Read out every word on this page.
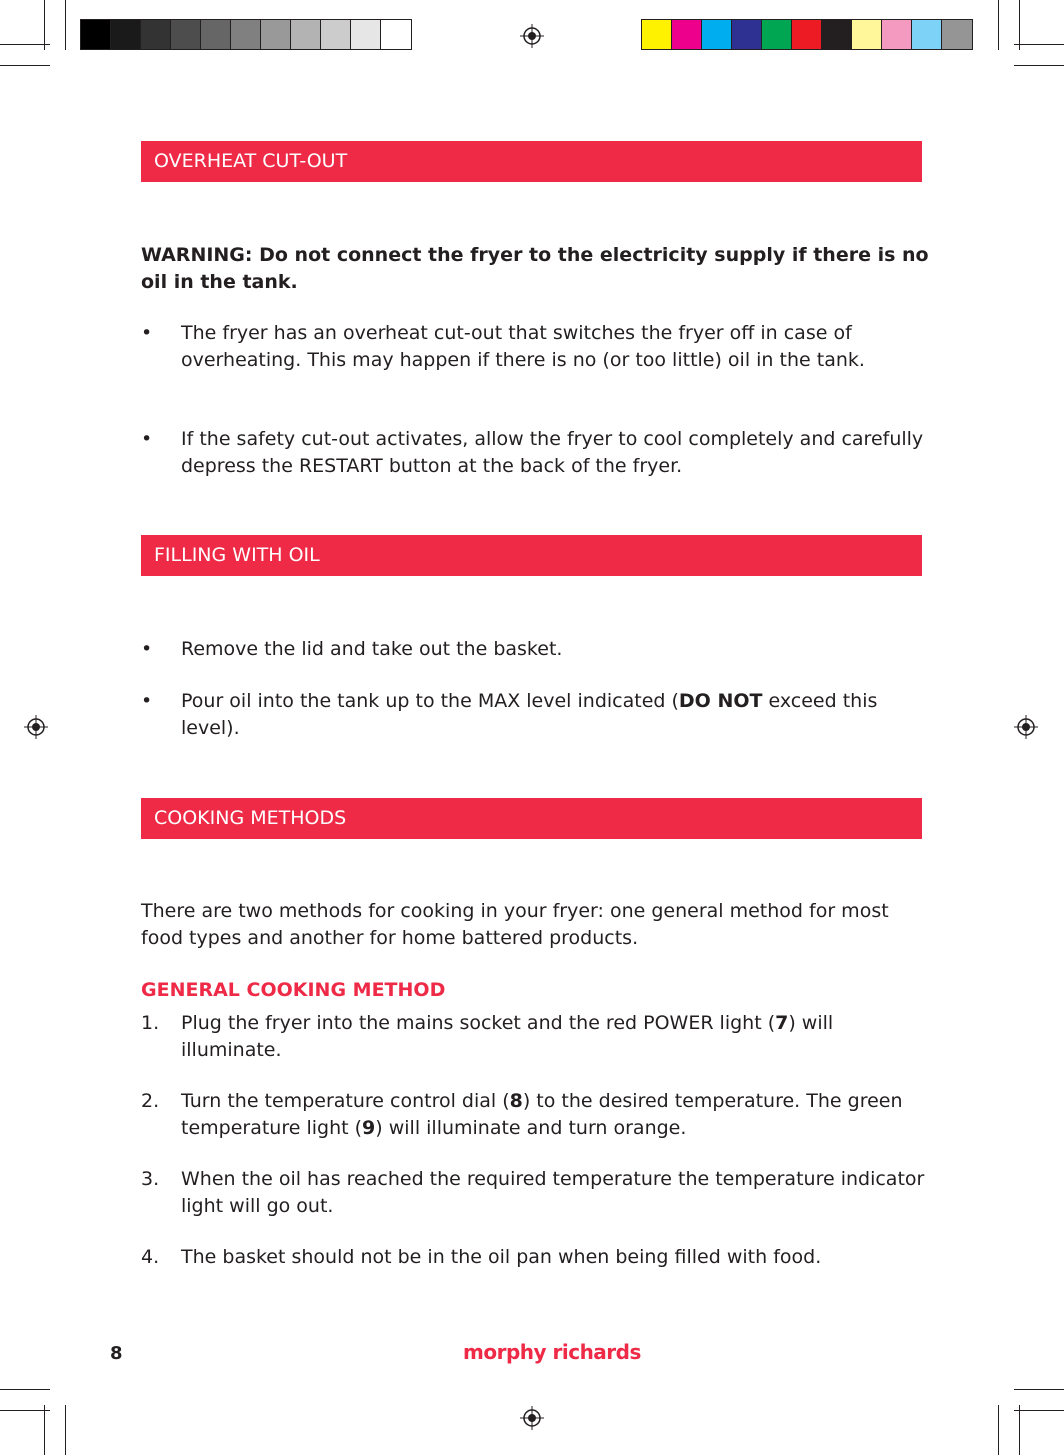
OVERHEAT CUT-OUT
WARNING: Do not connect the fryer to the electricity supply if there is no oil in the tank.
•	The fryer has an overheat cut-out that switches the fryer off in case of overheating. This may happen if there is no (or too little) oil in the tank.
•	If the safety cut-out activates, allow the fryer to cool completely and carefully depress the RESTART button at the back of the fryer.
FILLING WITH OIL
•	Remove the lid and take out the basket.
•	Pour oil into the tank up to the MAX level indicated (DO NOT exceed this level).
COOKING METHODS
There are two methods for cooking in your fryer: one general method for most food types and another for home battered products.
GENERAL COOKING METHOD
1.	Plug the fryer into the mains socket and the red POWER light (7) will illuminate.
2.	Turn the temperature control dial (8) to the desired temperature. The green temperature light (9) will illuminate and turn orange.
3.	When the oil has reached the required temperature the temperature indicator light will go out.
4.	The basket should not be in the oil pan when being filled with food.
8	morphy richards
